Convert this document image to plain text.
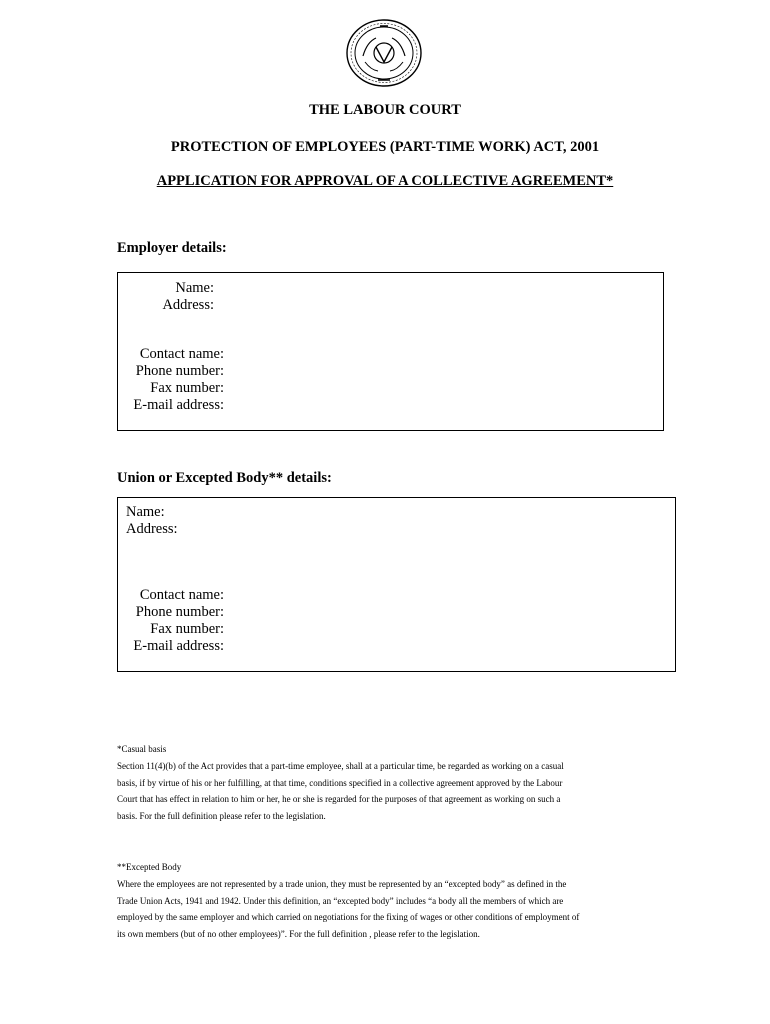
THE LABOUR COURT
PROTECTION OF EMPLOYEES (PART-TIME WORK) ACT, 2001
APPLICATION FOR APPROVAL OF A COLLECTIVE AGREEMENT*
Employer details:
Name:
Address:
Contact name:
Phone number:
Fax number:
E-mail address:
Union or Excepted Body** details:
Name:
Address:
Contact name:
Phone number:
Fax number:
E-mail address:
*Casual basis
Section 11(4)(b) of the Act provides that a part-time employee, shall at a particular time, be regarded as working on a casual
basis, if by virtue of his or her fulfilling, at that time, conditions specified in a collective agreement approved by the Labour
Court that has effect in relation to him or her, he or she is regarded for the purposes of that agreement as working on such a
basis. For the full definition please refer to the legislation.
**Excepted Body
Where the employees are not represented by a trade union, they must be represented by an “excepted body” as defined in the
Trade Union Acts, 1941 and 1942. Under this definition, an “excepted body” includes “a body all the members of which are
employed by the same employer and which carried on negotiations for the fixing of wages or other conditions of employment of
its own members (but of no other employees)”. For the full definition , please refer to the legislation.
